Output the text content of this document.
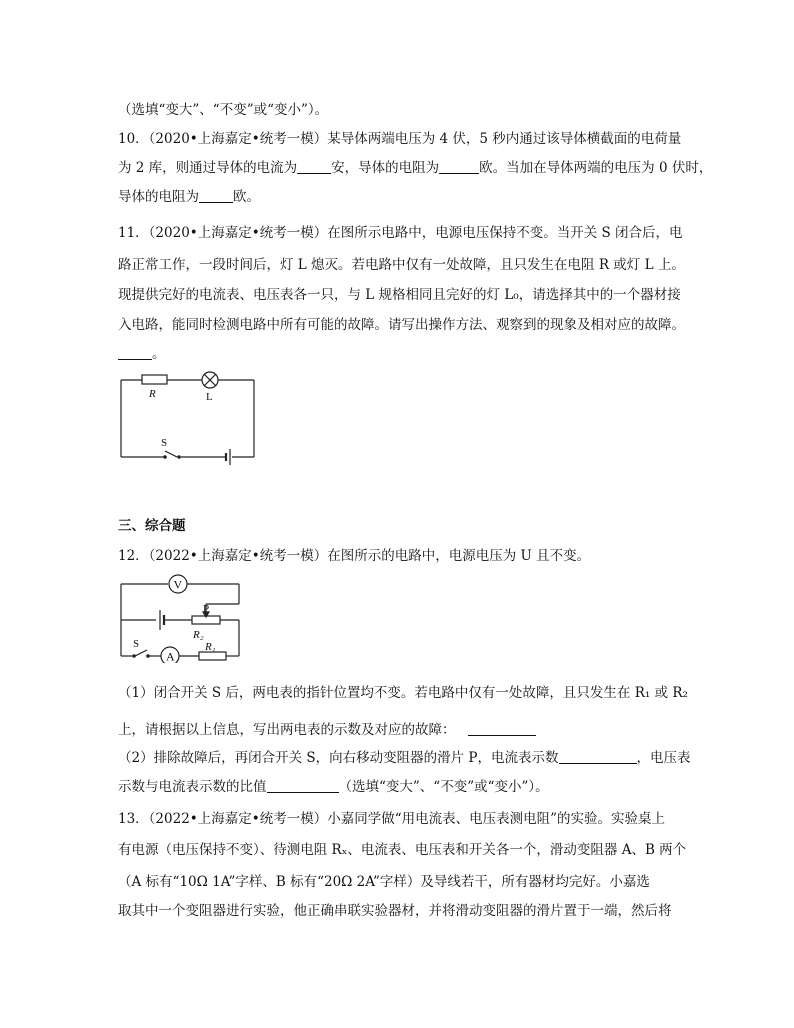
（选填“变大”、“不变”或“变小”）。
10．（2020•上海嘉定•统考一模）某导体两端电压为 4 伏，5 秒内通过该导体横截面的电荷量
为 2 库，则通过导体的电流为	安，导体的电阻为	欧。当加在导体两端的电压为 0 伏时，
导体的电阻为	欧。
11．（2020•上海嘉定•统考一模）在图所示电路中，电源电压保持不变。当开关 S 闭合后，电
路正常工作，一段时间后，灯 L 熄灭。若电路中仅有一处故障，且只发生在电阻 R 或灯 L 上。
现提供完好的电流表、电压表各一只，与 L 规格相同且完好的灯 L₀，请选择其中的一个器材接
入电路，能同时检测电路中所有可能的故障。请写出操作方法、观察到的现象及相对应的故障。
。
R	L
S
三、综合题
12．（2022•上海嘉定•统考一模）在图所示的电路中，电源电压为 U 且不变。
V
A
P
R₂
R₁
S
（1）闭合开关 S 后，两电表的指针位置均不变。若电路中仅有一处故障，且只发生在 R₁ 或 R₂
上，请根据以上信息，写出两电表的示数及对应的故障：
（2）排除故障后，再闭合开关 S，向右移动变阻器的滑片 P，电流表示数	，电压表
示数与电流表示数的比值	（选填“变大”、“不变”或“变小”）。
13．（2022•上海嘉定•统考一模）小嘉同学做“用电流表、电压表测电阻”的实验。实验桌上
有电源（电压保持不变）、待测电阻 Rₓ、电流表、电压表和开关各一个，滑动变阻器 A、B 两个
（A 标有“10Ω 1A”字样、B 标有“20Ω 2A”字样）及导线若干，所有器材均完好。小嘉选
取其中一个变阻器进行实验，他正确串联实验器材，并将滑动变阻器的滑片置于一端，然后将
